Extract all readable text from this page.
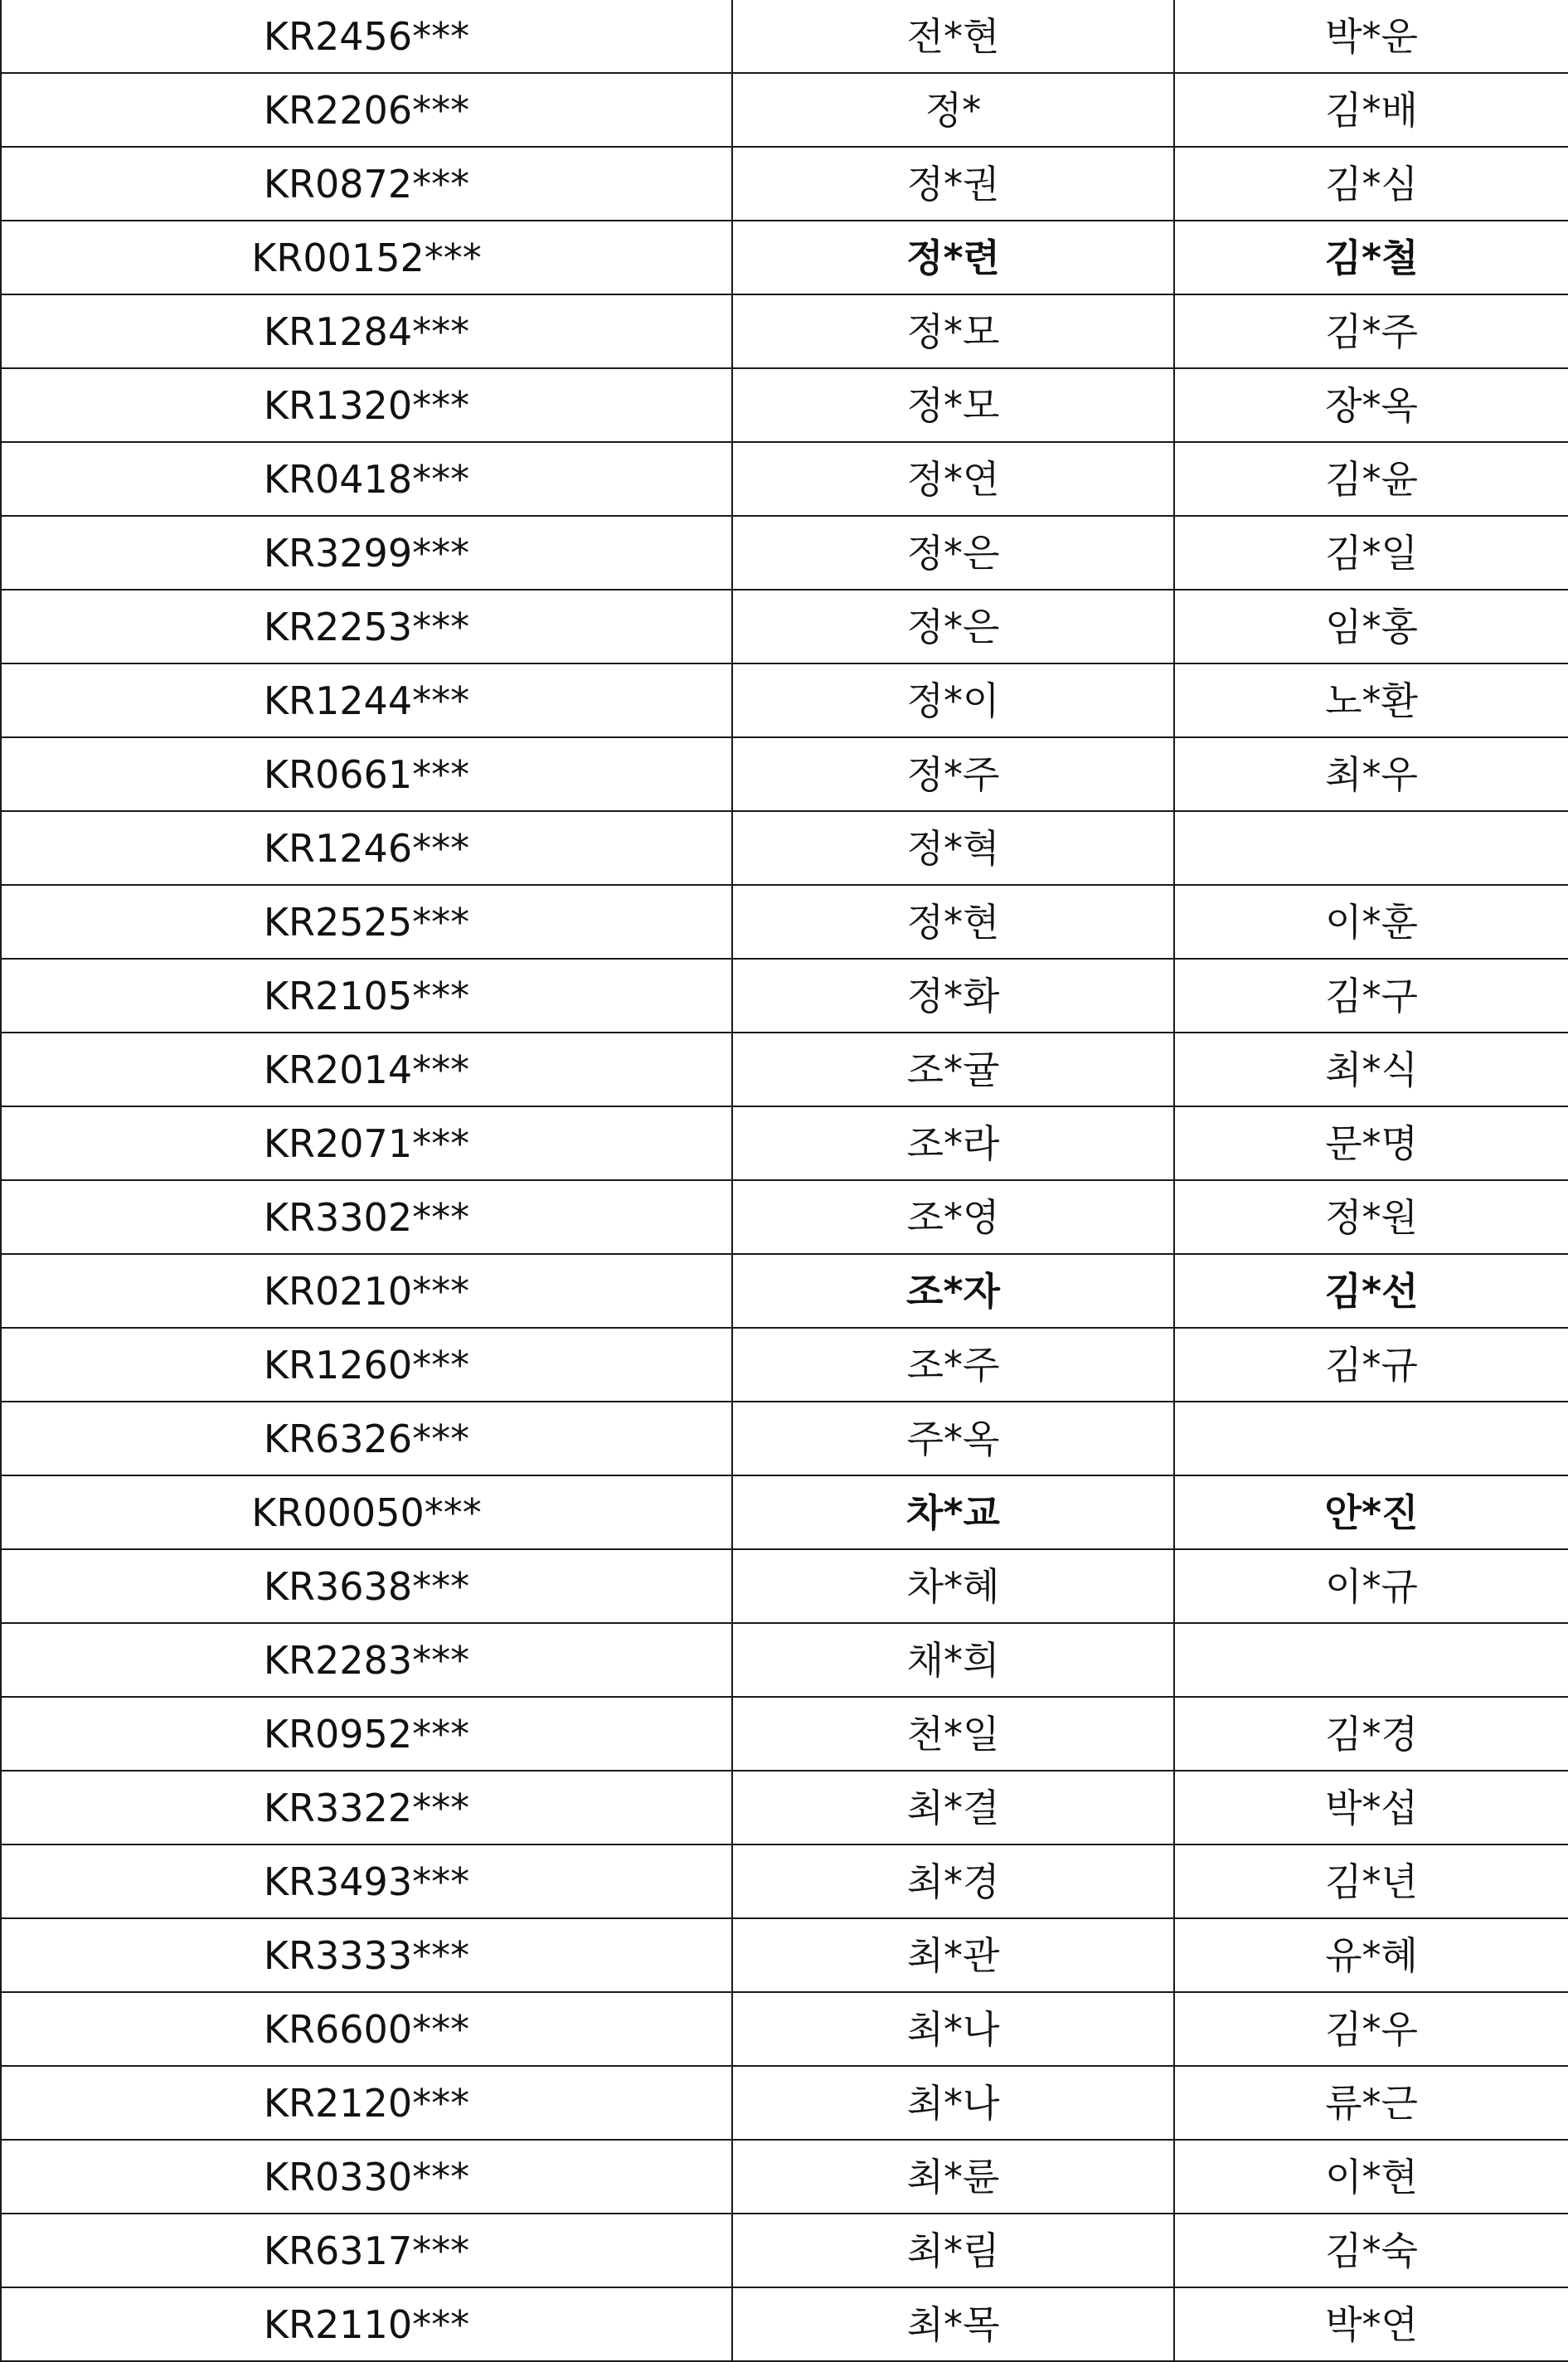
KR2456***	전*현	박*운
KR2206***	정*	김*배
KR0872***	정*권	김*심
KR00152***	정*련	김*철
KR1284***	정*모	김*주
KR1320***	정*모	장*옥
KR0418***	정*연	김*윤
KR3299***	정*은	김*일
KR2253***	정*은	임*홍
KR1244***	정*이	노*환
KR0661***	정*주	최*우
KR1246***	정*혁	
KR2525***	정*현	이*훈
KR2105***	정*화	김*구
KR2014***	조*귤	최*식
KR2071***	조*라	문*명
KR3302***	조*영	정*원
KR0210***	조*자	김*선
KR1260***	조*주	김*규
KR6326***	주*옥	
KR00050***	차*교	안*진
KR3638***	차*혜	이*규
KR2283***	채*희	
KR0952***	천*일	김*경
KR3322***	최*결	박*섭
KR3493***	최*경	김*년
KR3333***	최*관	유*혜
KR6600***	최*나	김*우
KR2120***	최*나	류*근
KR0330***	최*륜	이*현
KR6317***	최*림	김*숙
KR2110***	최*목	박*연
